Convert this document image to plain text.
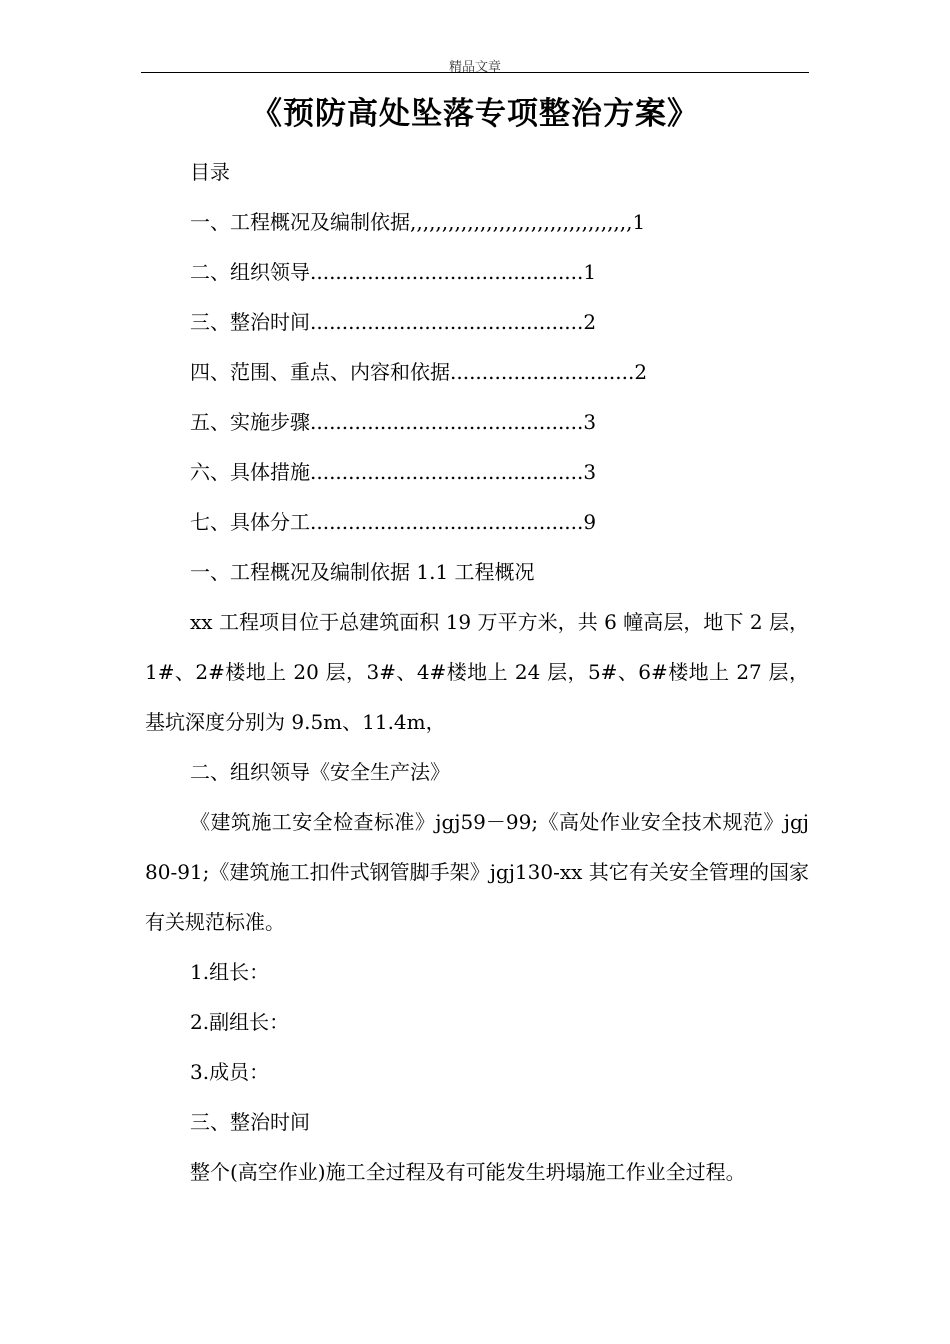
精品文章
《预防高处坠落专项整治方案》
目录
一、工程概况及编制依据,,,,,,,,,,,,,,,,,,,,,,,,,,,,,,,,,,,1
二、组织领导...........................................1
三、整治时间...........................................2
四、范围、重点、内容和依据.............................2
五、实施步骤...........................................3
六、具体措施...........................................3
七、具体分工...........................................9
一、工程概况及编制依据 1.1 工程概况
xx 工程项目位于总建筑面积 19 万平方米，共 6 幢高层，地下 2 层，1#、2#楼地上 20 层，3#、4#楼地上 24 层，5#、6#楼地上 27 层，基坑深度分别为 9.5m、11.4m，
二、组织领导《安全生产法》
《建筑施工安全检查标准》jgj59－99;《高处作业安全技术规范》jgj80-91;《建筑施工扣件式钢管脚手架》jgj130-xx 其它有关安全管理的国家有关规范标准。
1.组长：
2.副组长：
3.成员：
三、整治时间
整个(高空作业)施工全过程及有可能发生坍塌施工作业全过程。
